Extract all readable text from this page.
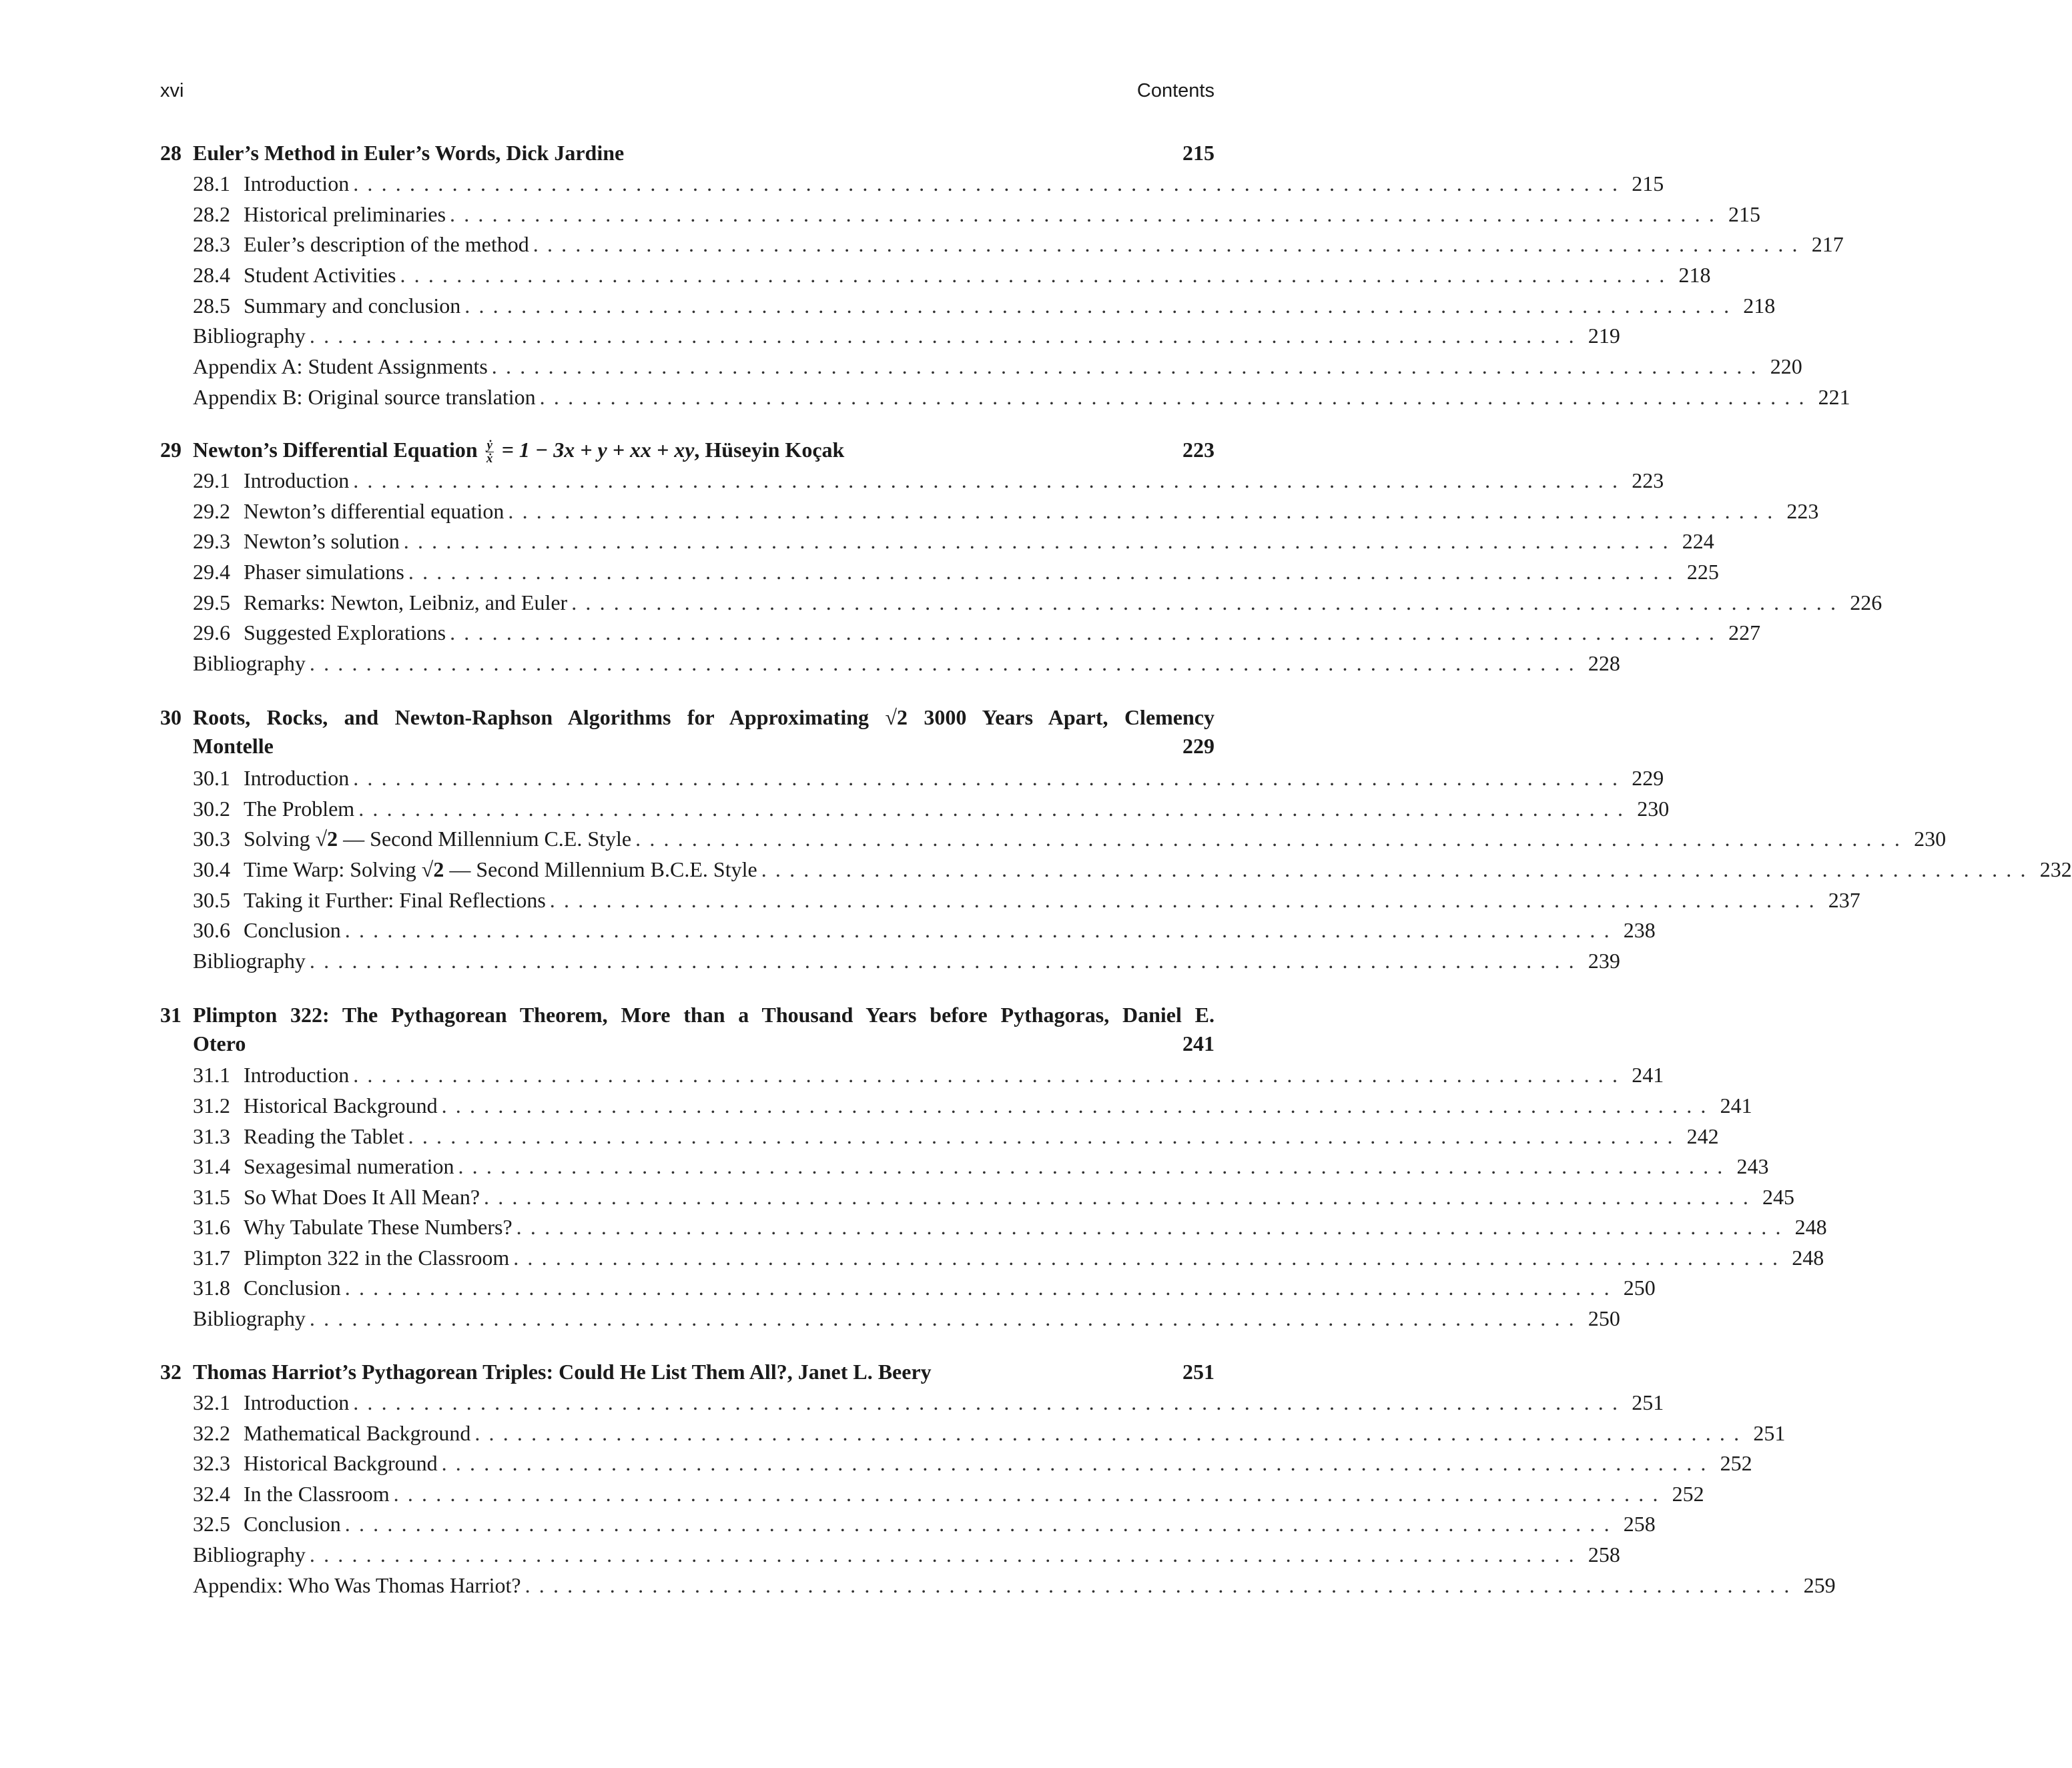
xvi	Contents
28 Euler’s Method in Euler’s Words, Dick Jardine	215
28.1 Introduction .......................................................................................... 215
28.2 Historical preliminaries .......................................................................................... 215
28.3 Euler’s description of the method .......................................................................................... 217
28.4 Student Activities .......................................................................................... 218
28.5 Summary and conclusion .......................................................................................... 218
Bibliography .......................................................................................... 219
Appendix A: Student Assignments .......................................................................................... 220
Appendix B: Original source translation .......................................................................................... 221
29 Newton’s Differential Equation $\frac{\text{ẏ}}{\text{ẋ}} = 1 - 3x + y$ + xx + xy, Hüseyin Koçak	223
29.1 Introduction .......................................................................................... 223
29.2 Newton’s differential equation .......................................................................................... 223
29.3 Newton’s solution .......................................................................................... 224
29.4 Phaser simulations .......................................................................................... 225
29.5 Remarks: Newton, Leibniz, and Euler .......................................................................................... 226
29.6 Suggested Explorations .......................................................................................... 227
Bibliography .......................................................................................... 228
30 Roots, Rocks, and Newton-Raphson Algorithms for Approximating √2 3000 Years Apart, Clemency
Montelle	229
30.1 Introduction .......................................................................................... 229
30.2 The Problem .......................................................................................... 230
30.3 Solving √2 — Second Millennium C.E. Style .......................................................................................... 230
30.4 Time Warp: Solving √2 — Second Millennium B.C.E. Style .......................................................................................... 232
30.5 Taking it Further: Final Reflections .......................................................................................... 237
30.6 Conclusion .......................................................................................... 238
Bibliography .......................................................................................... 239
31 Plimpton 322: The Pythagorean Theorem, More than a Thousand Years before Pythagoras, Daniel E.
Otero	241
31.1 Introduction .......................................................................................... 241
31.2 Historical Background .......................................................................................... 241
31.3 Reading the Tablet .......................................................................................... 242
31.4 Sexagesimal numeration .......................................................................................... 243
31.5 So What Does It All Mean? .......................................................................................... 245
31.6 Why Tabulate These Numbers? .......................................................................................... 248
31.7 Plimpton 322 in the Classroom .......................................................................................... 248
31.8 Conclusion .......................................................................................... 250
Bibliography .......................................................................................... 250
32 Thomas Harriot’s Pythagorean Triples: Could He List Them All?, Janet L. Beery	251
32.1 Introduction .......................................................................................... 251
32.2 Mathematical Background .......................................................................................... 251
32.3 Historical Background .......................................................................................... 252
32.4 In the Classroom .......................................................................................... 252
32.5 Conclusion .......................................................................................... 258
Bibliography .......................................................................................... 258
Appendix: Who Was Thomas Harriot? .......................................................................................... 259
